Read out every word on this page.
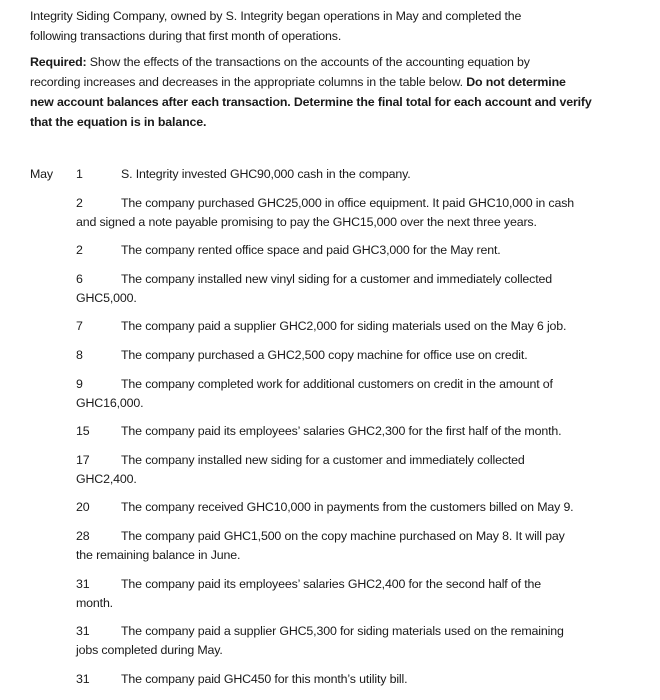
Integrity Siding Company, owned by S. Integrity began operations in May and completed the
following transactions during that first month of operations.
Required: Show the effects of the transactions on the accounts of the accounting equation by
recording increases and decreases in the appropriate columns in the table below. Do not determine
new account balances after each transaction. Determine the final total for each account and verify
that the equation is in balance.
May 1	S. Integrity invested GHC90,000 cash in the company.
2	The company purchased GHC25,000 in office equipment. It paid GHC10,000 in cash
and signed a note payable promising to pay the GHC15,000 over the next three years.
2	The company rented office space and paid GHC3,000 for the May rent.
6	The company installed new vinyl siding for a customer and immediately collected
GHC5,000.
7	The company paid a supplier GHC2,000 for siding materials used on the May 6 job.
8	The company purchased a GHC2,500 copy machine for office use on credit.
9	The company completed work for additional customers on credit in the amount of
GHC16,000.
15	The company paid its employees’ salaries GHC2,300 for the first half of the month.
17	The company installed new siding for a customer and immediately collected
GHC2,400.
20	The company received GHC10,000 in payments from the customers billed on May 9.
28	The company paid GHC1,500 on the copy machine purchased on May 8. It will pay
the remaining balance in June.
31	The company paid its employees’ salaries GHC2,400 for the second half of the
month.
31	The company paid a supplier GHC5,300 for siding materials used on the remaining
jobs completed during May.
31	The company paid GHC450 for this month’s utility bill.
